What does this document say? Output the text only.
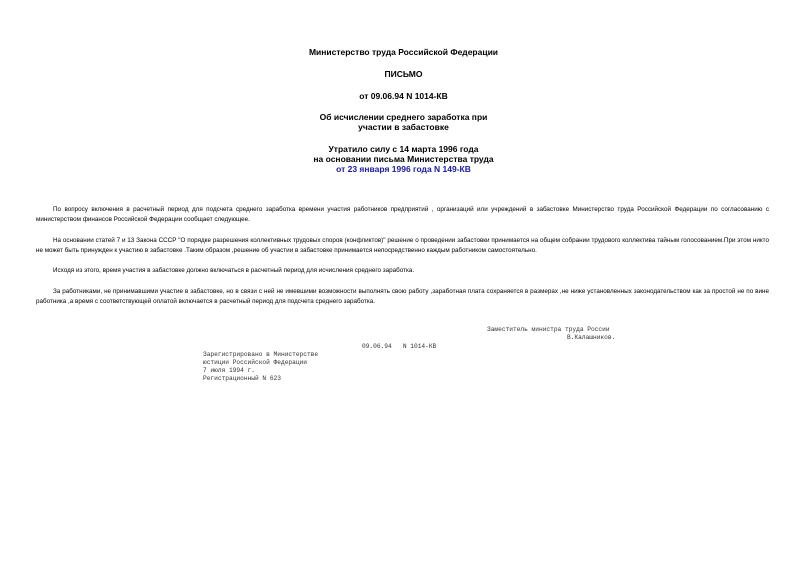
Министерство труда Российской Федерации
ПИСЬМО
от 09.06.94 N 1014-КВ
Об исчислении среднего заработка при
участии в забастовке
Утратило силу с 14 марта 1996 года
на основании письма Министерства труда
от 23 января 1996 года N 149-КВ
По вопросу включения в расчетный период для подсчета среднего заработка времени участия работников предприятий , организаций или учреждений в забастовке Министерство труда Российской Федерации по согласованию с министерством финансов Российской Федерации сообщает следующее.
На основании статей 7 и 13 Закона СССР "О порядке разрешения коллективных трудовых споров (конфликтов)" решение о проведении забастовки принимается на общем собрании трудового коллектива тайным голосованием.При этом никто не может быть принужден к участию в забастовке .Таким образом ,решение об участии в забастовке принимается непосредственно каждым работником самостоятельно.
Исходя из этого, время участия в забастовке должно включаться в расчетный период для исчисления среднего заработка.
За работниками, не принимавшими участие в забастовке, но в связи с ней не имевшими возможности выполнять свою работу ,заработная плата сохраняется в размерах ,не ниже установленных законодательством как за простой не по вине работника ,а время с соответствующей оплатой включается в расчетный период для подсчета среднего заработка.
Заместитель министра труда России
В.Калашников.
09.06.94   N 1014-КВ
Зарегистрировано в Министерстве
юстиции Российской Федерации
7 июля 1994 г.
Регистрационный N 623
